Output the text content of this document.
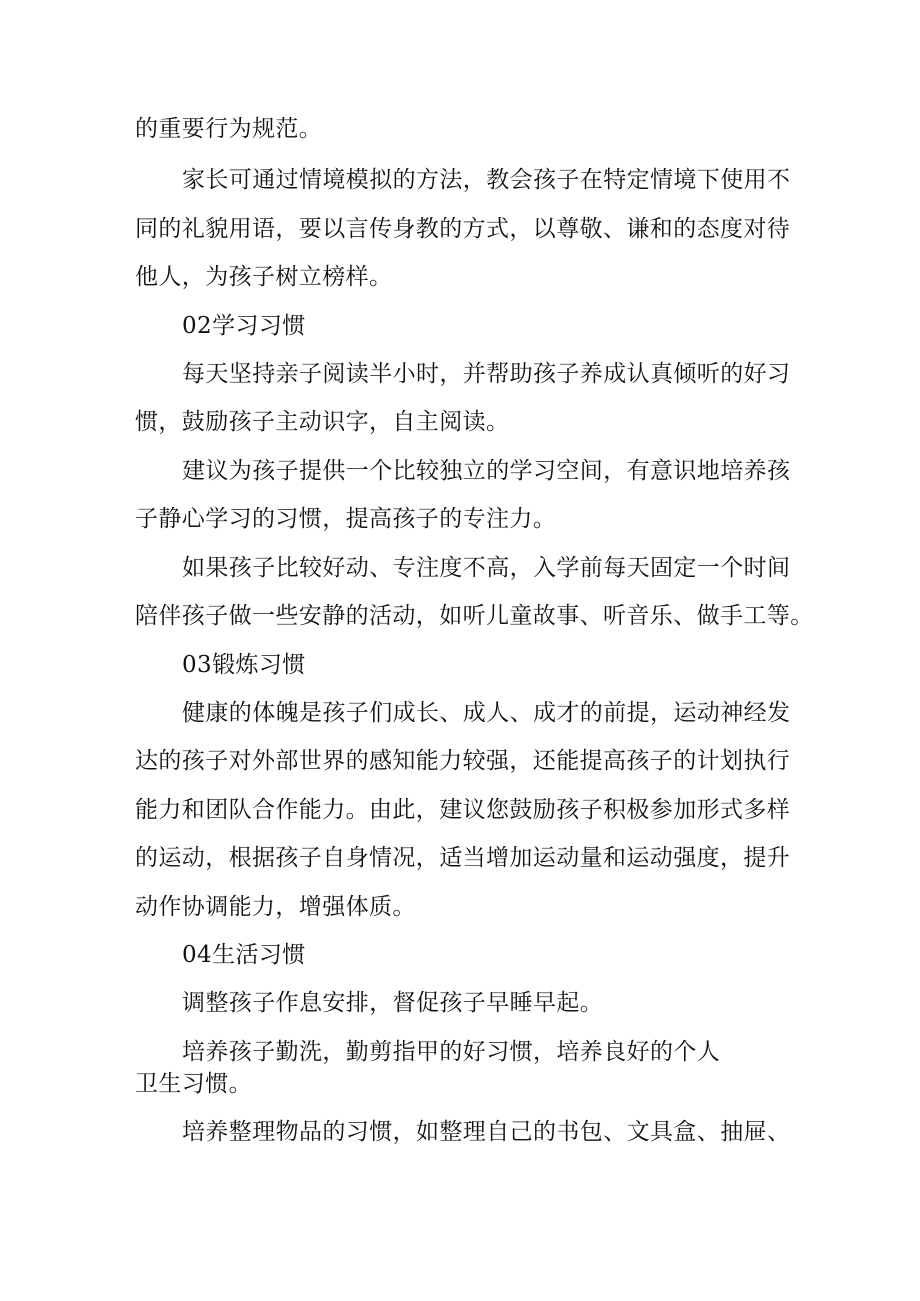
的重要行为规范。
家长可通过情境模拟的方法，教会孩子在特定情境下使用不
同的礼貌用语，要以言传身教的方式，以尊敬、谦和的态度对待
他人，为孩子树立榜样。
02学习习惯
每天坚持亲子阅读半小时，并帮助孩子养成认真倾听的好习
惯，鼓励孩子主动识字，自主阅读。
建议为孩子提供一个比较独立的学习空间，有意识地培养孩
子静心学习的习惯，提高孩子的专注力。
如果孩子比较好动、专注度不高，入学前每天固定一个时间
陪伴孩子做一些安静的活动，如听儿童故事、听音乐、做手工等。
03锻炼习惯
健康的体魄是孩子们成长、成人、成才的前提，运动神经发
达的孩子对外部世界的感知能力较强，还能提高孩子的计划执行
能力和团队合作能力。由此，建议您鼓励孩子积极参加形式多样
的运动，根据孩子自身情况，适当增加运动量和运动强度，提升
动作协调能力，增强体质。
04生活习惯
调整孩子作息安排，督促孩子早睡早起。
培养孩子勤洗，勤剪指甲的好习惯，培养良好的个人
卫生习惯。
培养整理物品的习惯，如整理自己的书包、文具盒、抽屉、
